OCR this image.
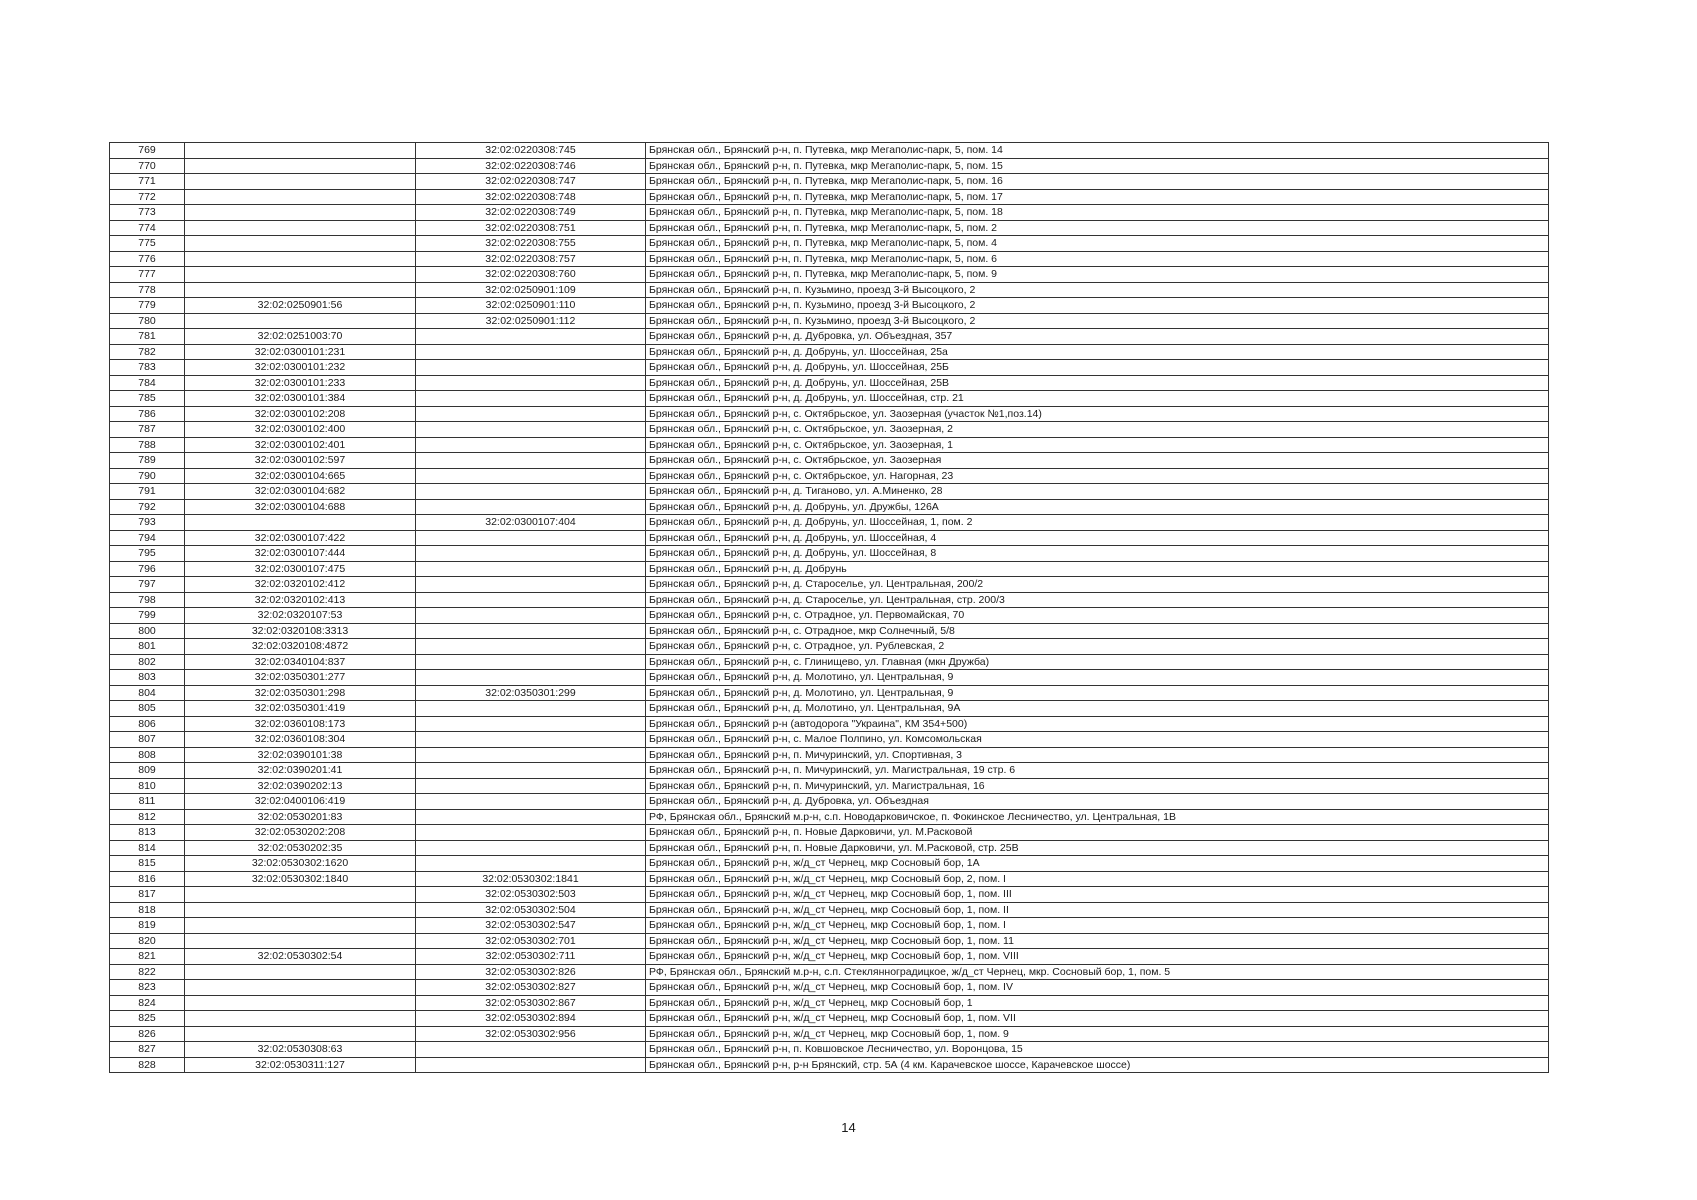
769		32:02:0220308:745	Брянская обл., Брянский р-н, п. Путевка, мкр Мегаполис-парк, 5, пом. 14
770		32:02:0220308:746	Брянская обл., Брянский р-н, п. Путевка, мкр Мегаполис-парк, 5, пом. 15
771		32:02:0220308:747	Брянская обл., Брянский р-н, п. Путевка, мкр Мегаполис-парк, 5, пом. 16
772		32:02:0220308:748	Брянская обл., Брянский р-н, п. Путевка, мкр Мегаполис-парк, 5, пом. 17
773		32:02:0220308:749	Брянская обл., Брянский р-н, п. Путевка, мкр Мегаполис-парк, 5, пом. 18
774		32:02:0220308:751	Брянская обл., Брянский р-н, п. Путевка, мкр Мегаполис-парк, 5, пом. 2
775		32:02:0220308:755	Брянская обл., Брянский р-н, п. Путевка, мкр Мегаполис-парк, 5, пом. 4
776		32:02:0220308:757	Брянская обл., Брянский р-н, п. Путевка, мкр Мегаполис-парк, 5, пом. 6
777		32:02:0220308:760	Брянская обл., Брянский р-н, п. Путевка, мкр Мегаполис-парк, 5, пом. 9
778		32:02:0250901:109	Брянская обл., Брянский р-н, п. Кузьмино, проезд 3-й Высоцкого, 2
779	32:02:0250901:56	32:02:0250901:110	Брянская обл., Брянский р-н, п. Кузьмино, проезд 3-й Высоцкого, 2
780		32:02:0250901:112	Брянская обл., Брянский р-н, п. Кузьмино, проезд 3-й Высоцкого, 2
781	32:02:0251003:70		Брянская обл., Брянский р-н, д. Дубровка, ул. Объездная, 357
782	32:02:0300101:231		Брянская обл., Брянский р-н, д. Добрунь, ул. Шоссейная, 25а
783	32:02:0300101:232		Брянская обл., Брянский р-н, д. Добрунь, ул. Шоссейная, 25Б
784	32:02:0300101:233		Брянская обл., Брянский р-н, д. Добрунь, ул. Шоссейная, 25В
785	32:02:0300101:384		Брянская обл., Брянский р-н, д. Добрунь, ул. Шоссейная, стр. 21
786	32:02:0300102:208		Брянская обл., Брянский р-н, с. Октябрьское, ул. Заозерная (участок №1,поз.14)
787	32:02:0300102:400		Брянская обл., Брянский р-н, с. Октябрьское, ул. Заозерная, 2
788	32:02:0300102:401		Брянская обл., Брянский р-н, с. Октябрьское, ул. Заозерная, 1
789	32:02:0300102:597		Брянская обл., Брянский р-н, с. Октябрьское, ул. Заозерная
790	32:02:0300104:665		Брянская обл., Брянский р-н, с. Октябрьское, ул. Нагорная, 23
791	32:02:0300104:682		Брянская обл., Брянский р-н, д. Тиганово, ул. А.Миненко, 28
792	32:02:0300104:688		Брянская обл., Брянский р-н, д. Добрунь, ул. Дружбы, 126А
793		32:02:0300107:404	Брянская обл., Брянский р-н, д. Добрунь, ул. Шоссейная, 1, пом. 2
794	32:02:0300107:422		Брянская обл., Брянский р-н, д. Добрунь, ул. Шоссейная, 4
795	32:02:0300107:444		Брянская обл., Брянский р-н, д. Добрунь, ул. Шоссейная, 8
796	32:02:0300107:475		Брянская обл., Брянский р-н, д. Добрунь
797	32:02:0320102:412		Брянская обл., Брянский р-н, д. Староселье, ул. Центральная, 200/2
798	32:02:0320102:413		Брянская обл., Брянский р-н, д. Староселье, ул. Центральная, стр. 200/3
799	32:02:0320107:53		Брянская обл., Брянский р-н, с. Отрадное, ул. Первомайская, 70
800	32:02:0320108:3313		Брянская обл., Брянский р-н, с. Отрадное, мкр Солнечный, 5/8
801	32:02:0320108:4872		Брянская обл., Брянский р-н, с. Отрадное, ул. Рублевская, 2
802	32:02:0340104:837		Брянская обл., Брянский р-н, с. Глинищево, ул. Главная (мкн Дружба)
803	32:02:0350301:277		Брянская обл., Брянский р-н, д. Молотино, ул. Центральная, 9
804	32:02:0350301:298	32:02:0350301:299	Брянская обл., Брянский р-н, д. Молотино, ул. Центральная, 9
805	32:02:0350301:419		Брянская обл., Брянский р-н, д. Молотино, ул. Центральная, 9А
806	32:02:0360108:173		Брянская обл., Брянский р-н (автодорога "Украина", КМ 354+500)
807	32:02:0360108:304		Брянская обл., Брянский р-н, с. Малое Полпино, ул. Комсомольская
808	32:02:0390101:38		Брянская обл., Брянский р-н, п. Мичуринский, ул. Спортивная, 3
809	32:02:0390201:41		Брянская обл., Брянский р-н, п. Мичуринский, ул. Магистральная, 19 стр. 6
810	32:02:0390202:13		Брянская обл., Брянский р-н, п. Мичуринский, ул. Магистральная, 16
811	32:02:0400106:419		Брянская обл., Брянский р-н, д. Дубровка, ул. Объездная
812	32:02:0530201:83		РФ, Брянская обл., Брянский м.р-н, с.п. Новодарковичское, п. Фокинское Лесничество, ул. Центральная, 1В
813	32:02:0530202:208		Брянская обл., Брянский р-н, п. Новые Дарковичи, ул. М.Расковой
814	32:02:0530202:35		Брянская обл., Брянский р-н, п. Новые Дарковичи, ул. М.Расковой, стр. 25В
815	32:02:0530302:1620		Брянская обл., Брянский р-н, ж/д_ст Чернец, мкр Сосновый бор, 1А
816	32:02:0530302:1840	32:02:0530302:1841	Брянская обл., Брянский р-н, ж/д_ст Чернец, мкр Сосновый бор, 2, пом. I
817		32:02:0530302:503	Брянская обл., Брянский р-н, ж/д_ст Чернец, мкр Сосновый бор, 1, пом. III
818		32:02:0530302:504	Брянская обл., Брянский р-н, ж/д_ст Чернец, мкр Сосновый бор, 1, пом. II
819		32:02:0530302:547	Брянская обл., Брянский р-н, ж/д_ст Чернец, мкр Сосновый бор, 1, пом. I
820		32:02:0530302:701	Брянская обл., Брянский р-н, ж/д_ст Чернец, мкр Сосновый бор, 1, пом. 11
821	32:02:0530302:54	32:02:0530302:711	Брянская обл., Брянский р-н, ж/д_ст Чернец, мкр Сосновый бор, 1, пом. VIII
822		32:02:0530302:826	РФ, Брянская обл., Брянский м.р-н, с.п. Стеклянноградицкое, ж/д_ст Чернец, мкр. Сосновый бор, 1, пом. 5
823		32:02:0530302:827	Брянская обл., Брянский р-н, ж/д_ст Чернец, мкр Сосновый бор, 1, пом. IV
824		32:02:0530302:867	Брянская обл., Брянский р-н, ж/д_ст Чернец, мкр Сосновый бор, 1
825		32:02:0530302:894	Брянская обл., Брянский р-н, ж/д_ст Чернец, мкр Сосновый бор, 1, пом. VII
826		32:02:0530302:956	Брянская обл., Брянский р-н, ж/д_ст Чернец, мкр Сосновый бор, 1, пом. 9
827	32:02:0530308:63		Брянская обл., Брянский р-н, п. Ковшовское Лесничество, ул. Воронцова, 15
828	32:02:0530311:127		Брянская обл., Брянский р-н, р-н Брянский, стр. 5А (4 км. Карачевское шоссе, Карачевское шоссе)
14
